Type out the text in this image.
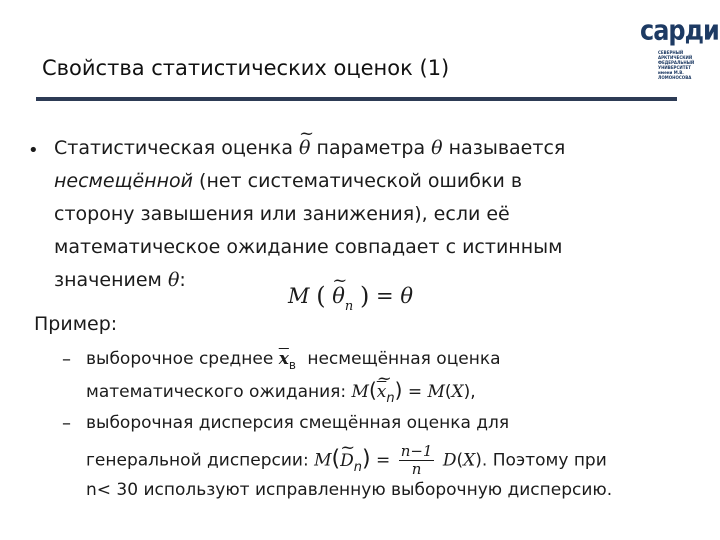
Свойства статистических оценок (1)
сарди
СЕВЕРНЫЙ АРКТИЧЕСКИЙ ФЕДЕРАЛЬНЫЙ УНИВЕРСИТЕТ имени М.В. ЛОМОНОСОВА
• Статистическая оценка ~ θ параметра θ называется
несмещённой (нет систематической ошибки в
сторону завышения или занижения), если её
математическое ожидание совпадает с истинным
значением θ:
M ( ~ $\theta_n$ ) = θ
Пример:
– выборочное среднее $\overline{x}_в$ несмещённая оценка
математического ожидания: M(~ $\overline{x}_n) = M(X)$,
– выборочная дисперсия смещённая оценка для
генеральной дисперсии: M(~ $D_n) = \frac{n-1}{n} D(X)$. Поэтому при
n< 30 используют исправленную выборочную дисперсию.
